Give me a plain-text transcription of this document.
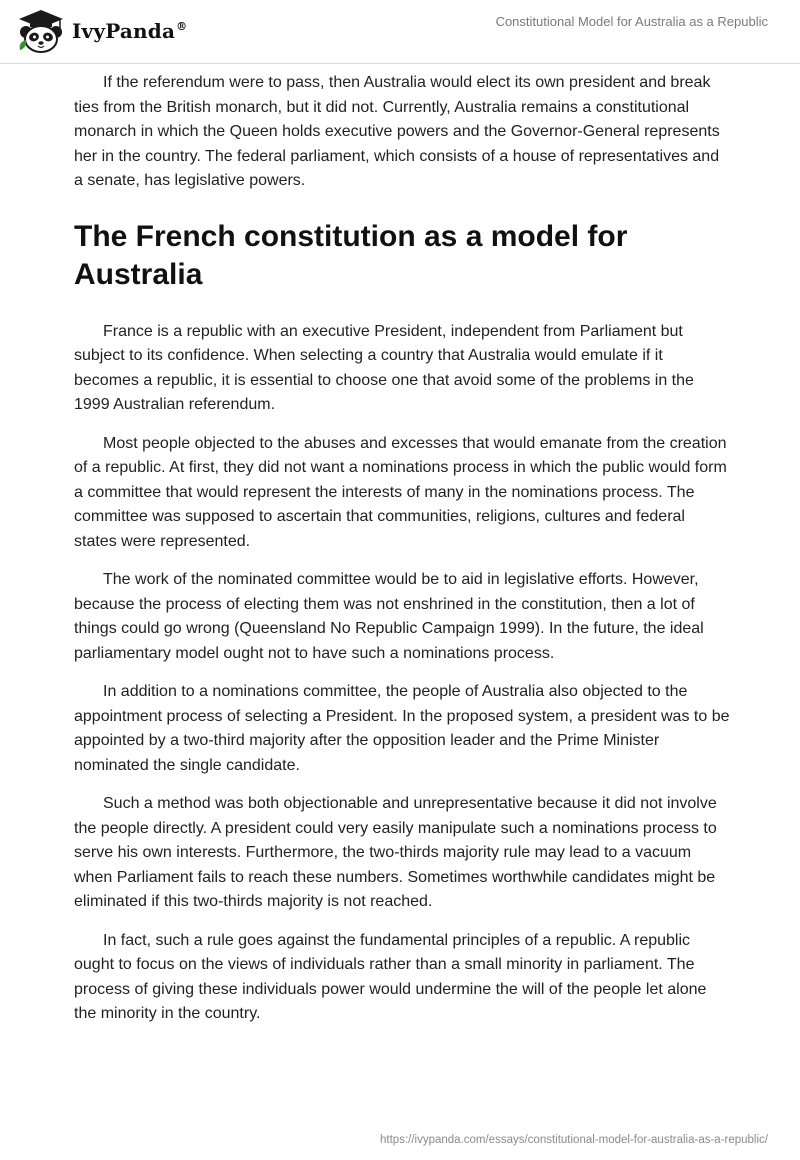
IvyPanda®	Constitutional Model for Australia as a Republic

If the referendum were to pass, then Australia would elect its own president and break ties from the British monarch, but it did not. Currently, Australia remains a constitutional monarch in which the Queen holds executive powers and the Governor-General represents her in the country. The federal parliament, which consists of a house of representatives and a senate, has legislative powers.

The French constitution as a model for Australia

France is a republic with an executive President, independent from Parliament but subject to its confidence. When selecting a country that Australia would emulate if it becomes a republic, it is essential to choose one that avoid some of the problems in the 1999 Australian referendum.

Most people objected to the abuses and excesses that would emanate from the creation of a republic. At first, they did not want a nominations process in which the public would form a committee that would represent the interests of many in the nominations process. The committee was supposed to ascertain that communities, religions, cultures and federal states were represented.

The work of the nominated committee would be to aid in legislative efforts. However, because the process of electing them was not enshrined in the constitution, then a lot of things could go wrong (Queensland No Republic Campaign 1999). In the future, the ideal parliamentary model ought not to have such a nominations process.

In addition to a nominations committee, the people of Australia also objected to the appointment process of selecting a President. In the proposed system, a president was to be appointed by a two-third majority after the opposition leader and the Prime Minister nominated the single candidate.

Such a method was both objectionable and unrepresentative because it did not involve the people directly. A president could very easily manipulate such a nominations process to serve his own interests. Furthermore, the two-thirds majority rule may lead to a vacuum when Parliament fails to reach these numbers. Sometimes worthwhile candidates might be eliminated if this two-thirds majority is not reached.

In fact, such a rule goes against the fundamental principles of a republic. A republic ought to focus on the views of individuals rather than a small minority in parliament. The process of giving these individuals power would undermine the will of the people let alone the minority in the country.

https://ivypanda.com/essays/constitutional-model-for-australia-as-a-republic/
